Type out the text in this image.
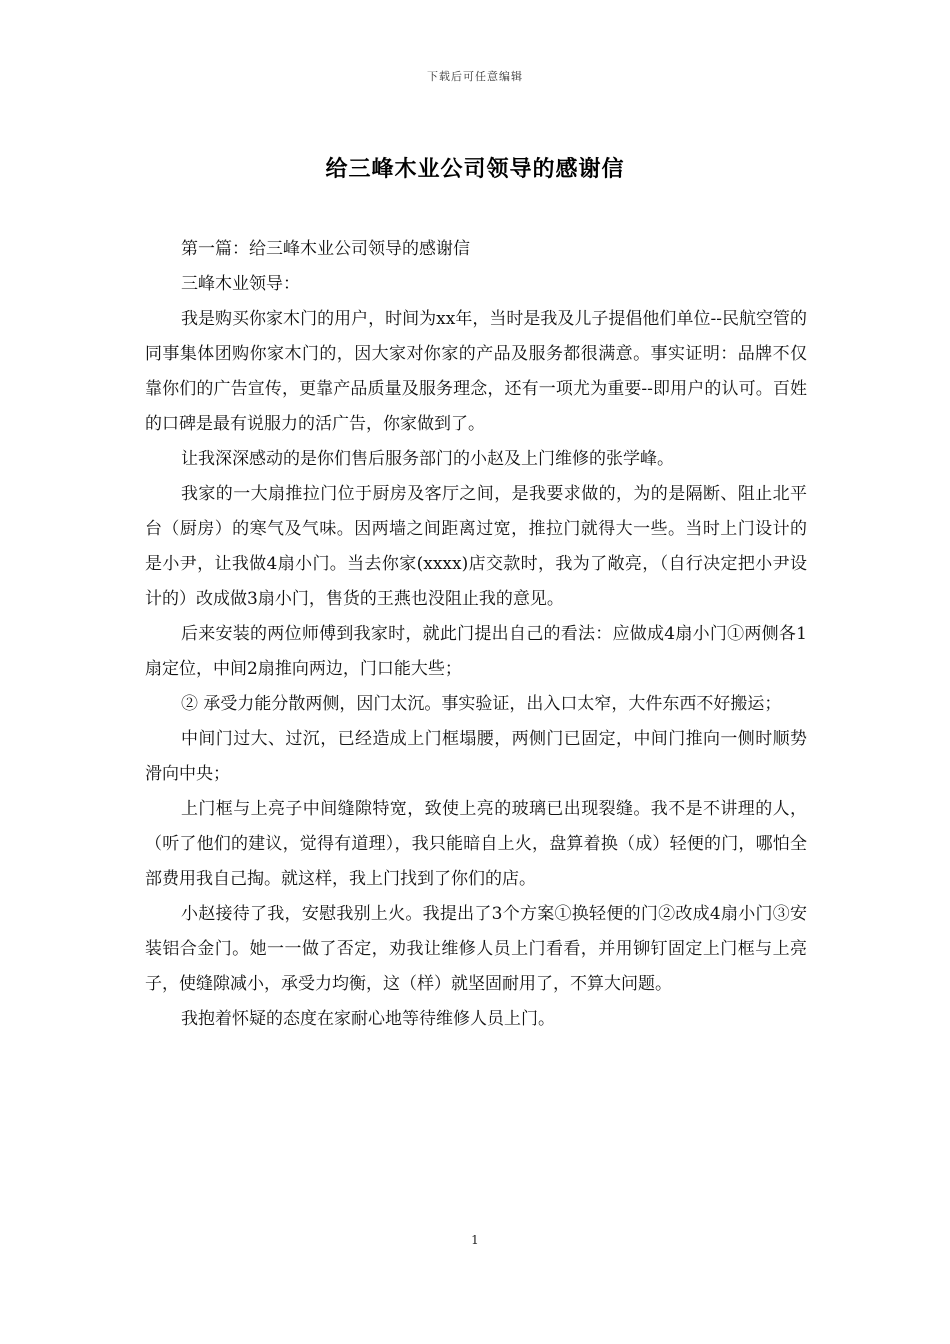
下载后可任意编辑
给三峰木业公司领导的感谢信

第一篇：给三峰木业公司领导的感谢信

三峰木业领导：

我是购买你家木门的用户，时间为xx年，当时是我及儿子提倡他们单位--民航空管的同事集体团购你家木门的，因大家对你家的产品及服务都很满意。事实证明：品牌不仅靠你们的广告宣传，更靠产品质量及服务理念，还有一项尤为重要--即用户的认可。百姓的口碑是最有说服力的活广告，你家做到了。

让我深深感动的是你们售后服务部门的小赵及上门维修的张学峰。

我家的一大扇推拉门位于厨房及客厅之间，是我要求做的，为的是隔断、阻止北平台（厨房）的寒气及气味。因两墙之间距离过宽，推拉门就得大一些。当时上门设计的是小尹，让我做4扇小门。当去你家(xxxx)店交款时，我为了敞亮，（自行决定把小尹设计的）改成做3扇小门，售货的王燕也没阻止我的意见。

后来安装的两位师傅到我家时，就此门提出自己的看法：应做成4扇小门①两侧各1扇定位，中间2扇推向两边，门口能大些；

② 承受力能分散两侧，因门太沉。事实验证，出入口太窄，大件东西不好搬运；

中间门过大、过沉，已经造成上门框塌腰，两侧门已固定，中间门推向一侧时顺势滑向中央；

上门框与上亮子中间缝隙特宽，致使上亮的玻璃已出现裂缝。我不是不讲理的人，（听了他们的建议，觉得有道理），我只能暗自上火，盘算着换（成）轻便的门，哪怕全部费用我自己掏。就这样，我上门找到了你们的店。

小赵接待了我，安慰我别上火。我提出了3个方案①换轻便的门②改成4扇小门③安装铝合金门。她一一做了否定，劝我让维修人员上门看看，并用铆钉固定上门框与上亮子，使缝隙减小，承受力均衡，这（样）就坚固耐用了，不算大问题。

我抱着怀疑的态度在家耐心地等待维修人员上门。

1
